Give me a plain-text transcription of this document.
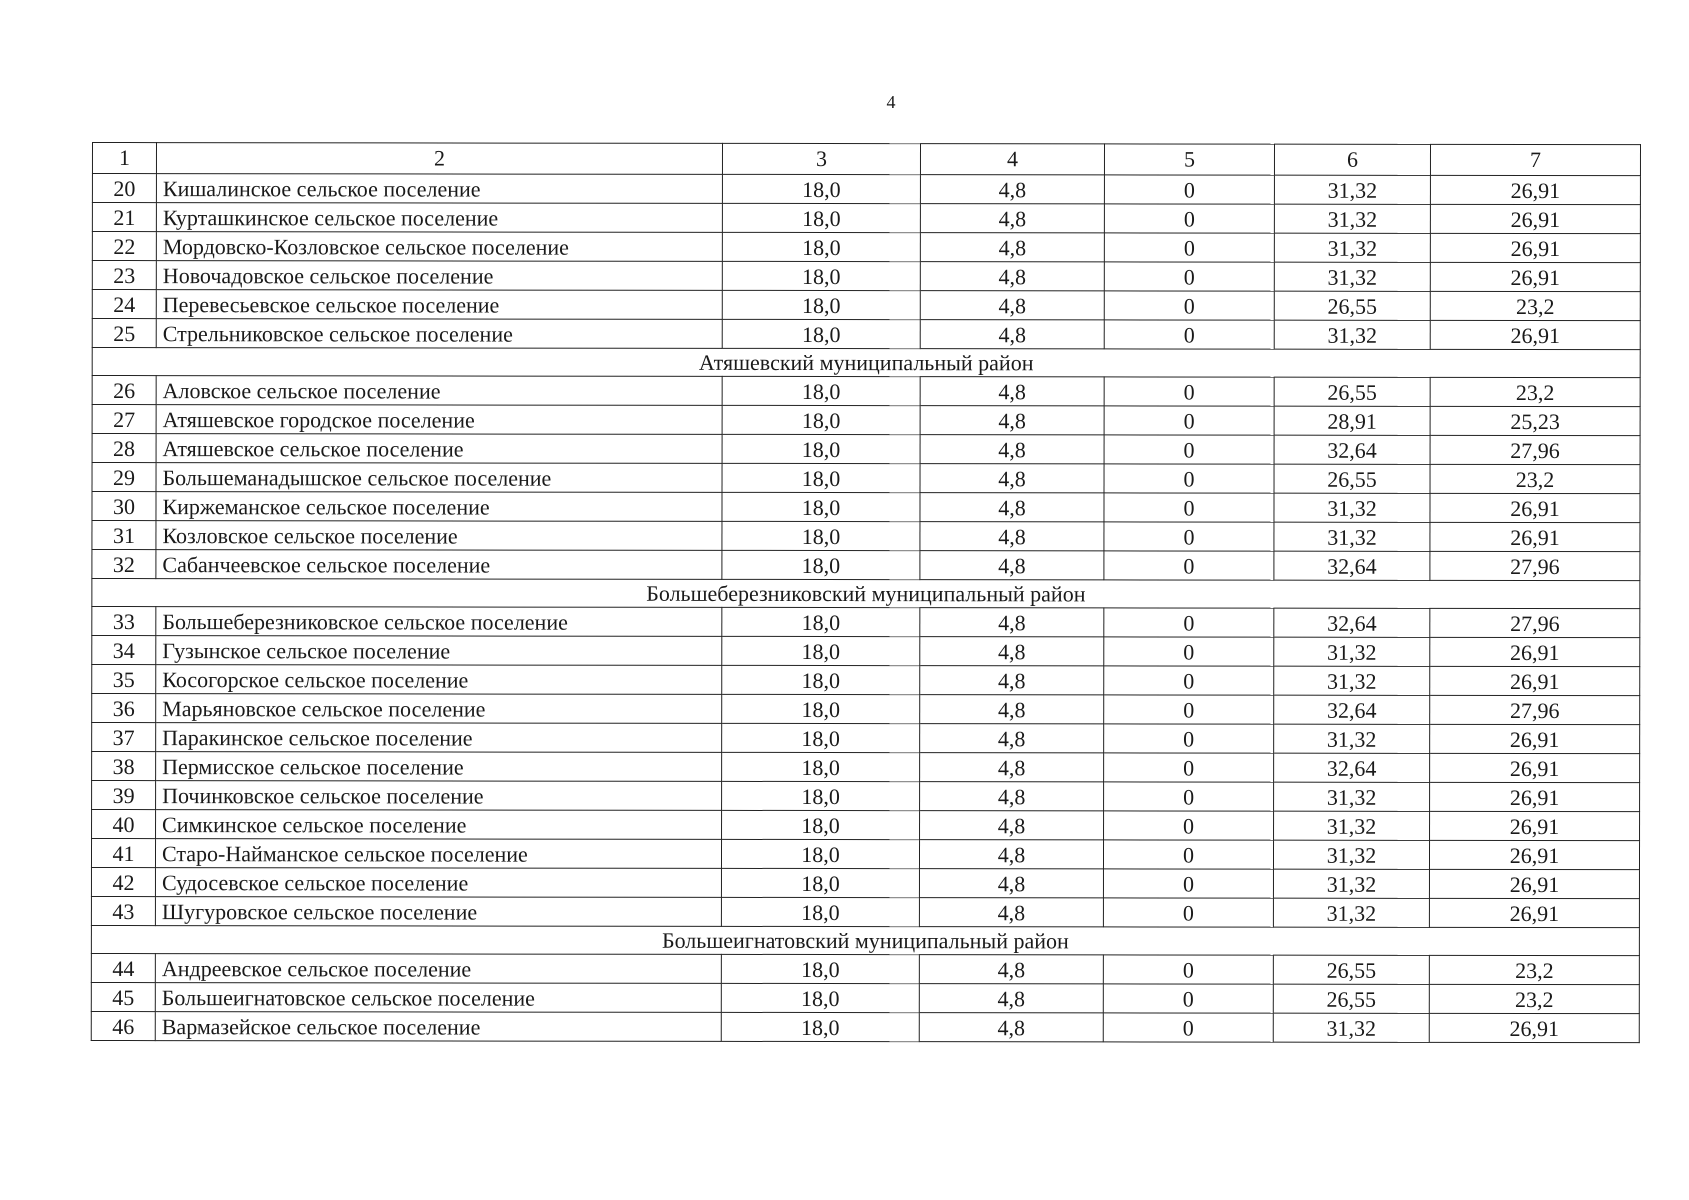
4
1	2	3	4	5	6	7
20	Кишалинское сельское поселение	18,0	4,8	0	31,32	26,91
21	Курташкинское сельское поселение	18,0	4,8	0	31,32	26,91
22	Мордовско-Козловское сельское поселение	18,0	4,8	0	31,32	26,91
23	Новочадовское сельское поселение	18,0	4,8	0	31,32	26,91
24	Перевесьевское сельское поселение	18,0	4,8	0	26,55	23,2
25	Стрельниковское сельское поселение	18,0	4,8	0	31,32	26,91
Атяшевский муниципальный район						
26	Аловское сельское поселение	18,0	4,8	0	26,55	23,2
27	Атяшевское городское поселение	18,0	4,8	0	28,91	25,23
28	Атяшевское сельское поселение	18,0	4,8	0	32,64	27,96
29	Большеманадышское сельское поселение	18,0	4,8	0	26,55	23,2
30	Киржеманское сельское поселение	18,0	4,8	0	31,32	26,91
31	Козловское сельское поселение	18,0	4,8	0	31,32	26,91
32	Сабанчеевское сельское поселение	18,0	4,8	0	32,64	27,96
Большеберезниковский муниципальный район						
33	Большеберезниковское сельское поселение	18,0	4,8	0	32,64	27,96
34	Гузынское сельское поселение	18,0	4,8	0	31,32	26,91
35	Косогорское сельское поселение	18,0	4,8	0	31,32	26,91
36	Марьяновское сельское поселение	18,0	4,8	0	32,64	27,96
37	Паракинское сельское поселение	18,0	4,8	0	31,32	26,91
38	Пермисское сельское поселение	18,0	4,8	0	32,64	26,91
39	Починковское сельское поселение	18,0	4,8	0	31,32	26,91
40	Симкинское сельское поселение	18,0	4,8	0	31,32	26,91
41	Старо-Найманское сельское поселение	18,0	4,8	0	31,32	26,91
42	Судосевское сельское поселение	18,0	4,8	0	31,32	26,91
43	Шугуровское сельское поселение	18,0	4,8	0	31,32	26,91
Большеигнатовский муниципальный район						
44	Андреевское сельское поселение	18,0	4,8	0	26,55	23,2
45	Большеигнатовское сельское поселение	18,0	4,8	0	26,55	23,2
46	Вармазейское сельское поселение	18,0	4,8	0	31,32	26,91
